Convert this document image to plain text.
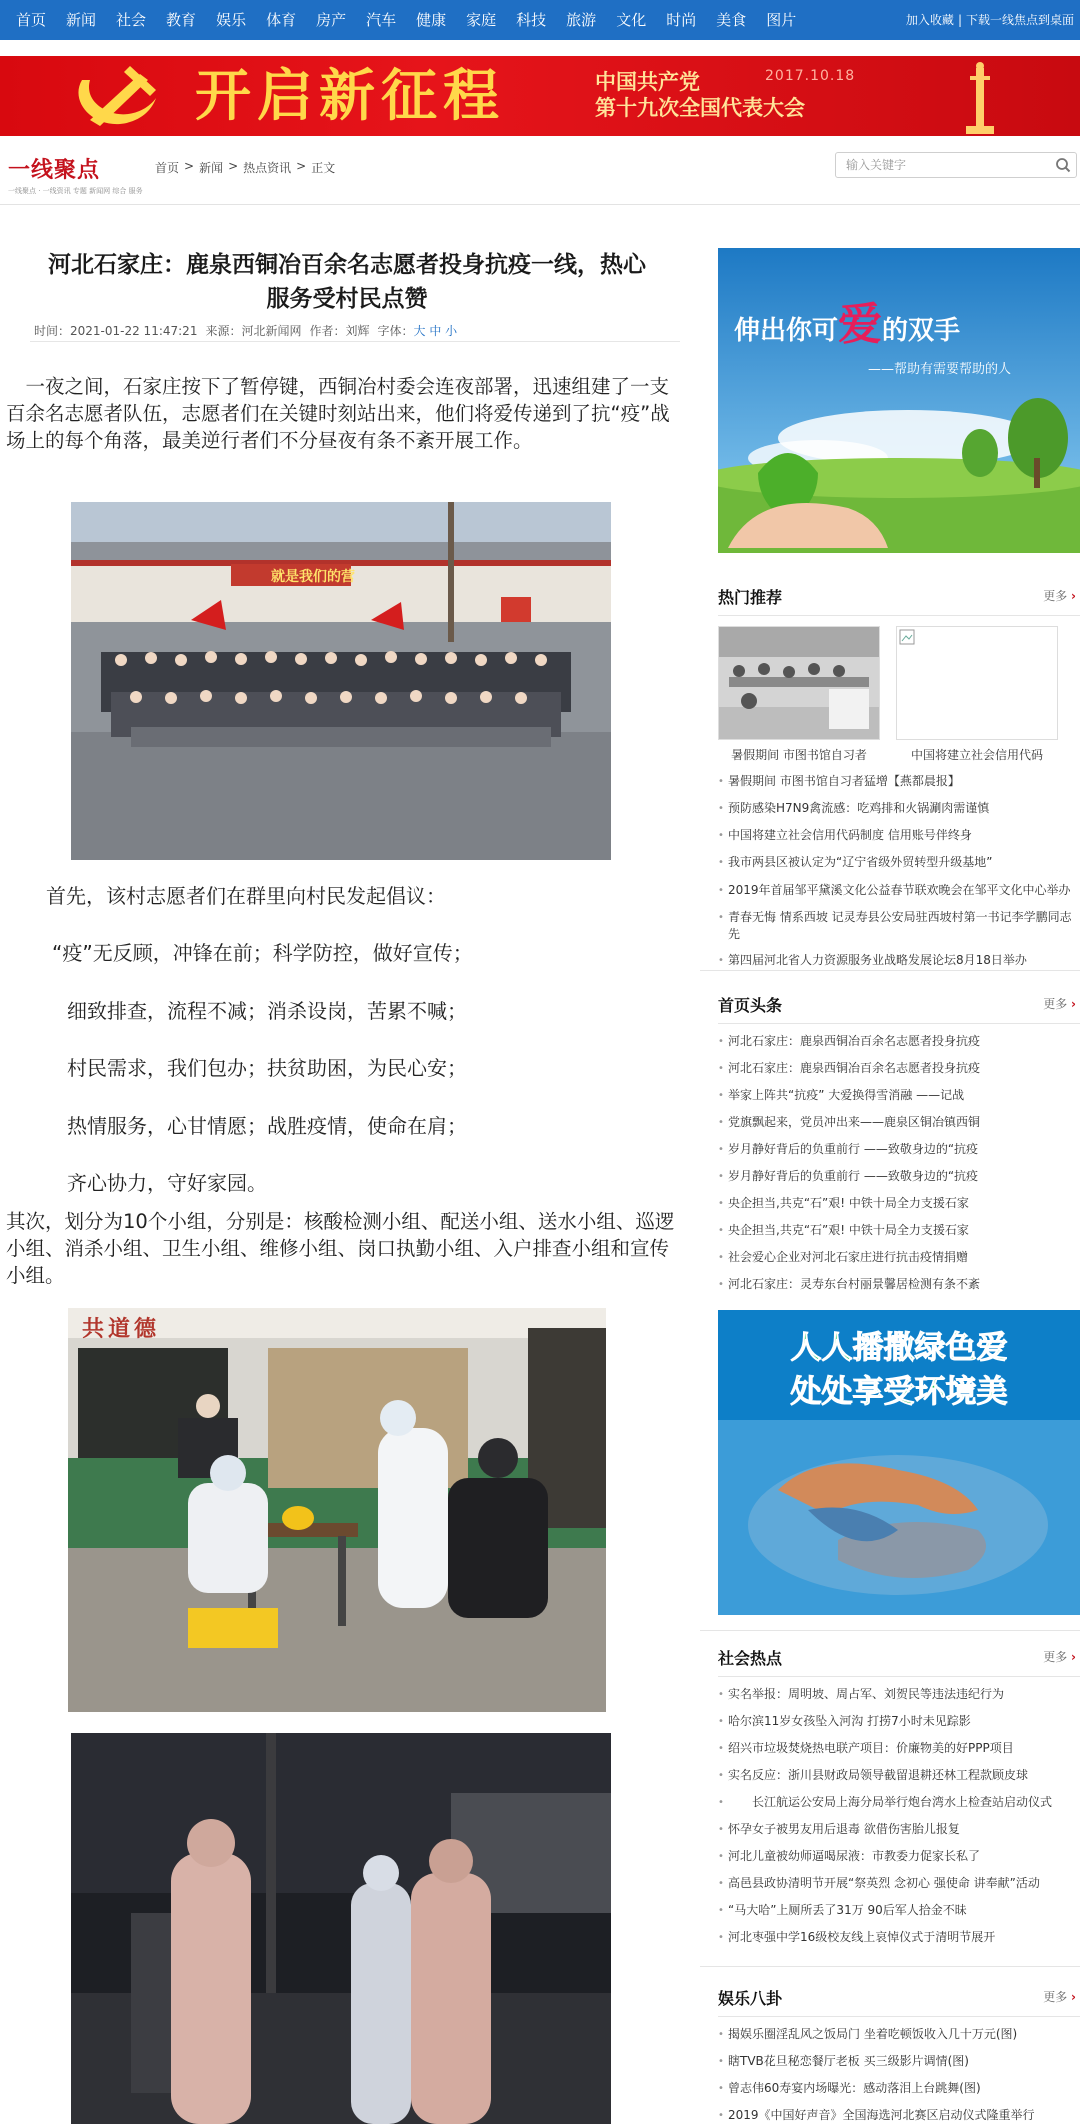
首页	新闻	社会	教育	娱乐	体育	房产	汽车	健康	家庭	科技	旅游	文化	时尚	美食	图片	加入收藏 | 下载一线焦点到桌面
开启新征程	中国共产党
第十九次全国代表大会
2017.10.18
一线聚点
一线聚点 · 一线资讯 专题 新闻网 综合 服务
首页 > 新闻 > 热点资讯 > 正文
输入关键字
河北石家庄：鹿泉西铜冶百余名志愿者投身抗疫一线，热心
服务受村民点赞
时间：2021-01-22 11:47:21 来源：河北新闻网 作者：刘辉 字体：大 中 小
一夜之间，石家庄按下了暂停键，西铜冶村委会连夜部署，迅速组建了一支百余名志愿者队伍，志愿者们在关键时刻站出来，他们将爱传递到了抗“疫”战场上的每个角落，最美逆行者们不分昼夜有条不紊开展工作。
就是我们的营
首先，该村志愿者们在群里向村民发起倡议：
“疫”无反顾，冲锋在前；科学防控，做好宣传；
细致排查，流程不减；消杀设岗，苦累不喊；
村民需求，我们包办；扶贫助困，为民心安；
热情服务，心甘情愿；战胜疫情，使命在肩；
齐心协力，守好家园。
其次，划分为10个小组，分别是：核酸检测小组、配送小组、送水小组、巡逻小组、消杀小组、卫生小组、维修小组、岗口执勤小组、入户排查小组和宣传小组。
共道德
伸出你可爱的双手
——帮助有需要帮助的人
热门推荐	更多 ›
暑假期间 市图书馆自习者	中国将建立社会信用代码
• 暑假期间 市图书馆自习者猛增【燕都晨报】
• 预防感染H7N9禽流感：吃鸡排和火锅涮肉需谨慎
• 中国将建立社会信用代码制度 信用账号伴终身
• 我市两县区被认定为“辽宁省级外贸转型升级基地”
• 2019年首届邹平黛溪文化公益春节联欢晚会在邹平文化中心举办
• 青春无悔 情系西坡 记灵寿县公安局驻西坡村第一书记李学鹏同志先
• 第四届河北省人力资源服务业战略发展论坛8月18日举办
首页头条	更多 ›
• 河北石家庄：鹿泉西铜冶百余名志愿者投身抗疫
• 河北石家庄：鹿泉西铜冶百余名志愿者投身抗疫
• 举家上阵共“抗疫” 大爱换得雪消融 ——记战
• 党旗飘起来，党员冲出来——鹿泉区铜冶镇西铜
• 岁月静好背后的负重前行 ——致敬身边的“抗疫
• 岁月静好背后的负重前行 ——致敬身边的“抗疫
• 央企担当,共克“石”艰! 中铁十局全力支援石家
• 央企担当,共克“石”艰! 中铁十局全力支援石家
• 社会爱心企业对河北石家庄进行抗击疫情捐赠
• 河北石家庄：灵寿东台村丽景馨居检测有条不紊
人人播撒绿色爱
处处享受环境美
社会热点	更多 ›
• 实名举报：周明坡、周占军、刘贺民等违法违纪行为
• 哈尔滨11岁女孩坠入河沟 打捞7小时未见踪影
• 绍兴市垃圾焚烧热电联产项目：价廉物美的好PPP项目
• 实名反应：浙川县财政局领导截留退耕还林工程款顾皮球
• 　　长江航运公安局上海分局举行炮台湾水上检查站启动仪式
• 怀孕女子被男友用后退毒 欲借伤害胎儿报复
• 河北儿童被幼师逼喝尿液：市教委力促家长私了
• 高邑县政协清明节开展“祭英烈 念初心 强使命 讲奉献”活动
• “马大哈”上厕所丢了31万 90后军人拾金不昧
• 河北枣强中学16级校友线上哀悼仪式于清明节展开
娱乐八卦	更多 ›
• 揭娱乐圈淫乱风之饭局门 坐着吃顿饭收入几十万元(图)
• 瞎TVB花旦秘恋餐厅老板 买三级影片调情(图)
• 曾志伟60寿宴内场曝光：感动落泪上台跳舞(图)
• 2019《中国好声音》全国海选河北赛区启动仪式隆重举行
